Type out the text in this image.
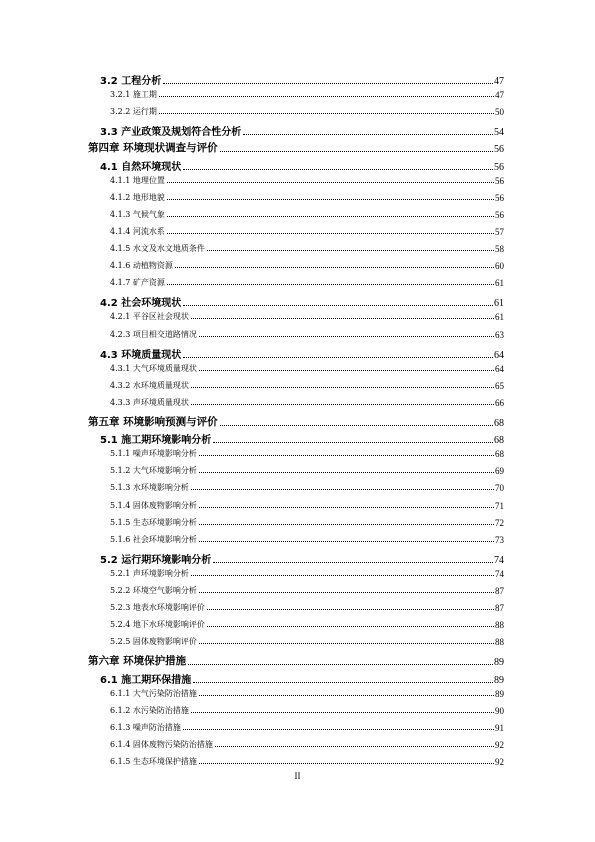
3.2 工程分析	47
3.2.1 施工期	47
3.2.2 运行期	50
3.3 产业政策及规划符合性分析	54
第四章 环境现状调查与评价	56
4.1 自然环境现状	56
4.1.1 地理位置	56
4.1.2 地形地貌	56
4.1.3 气候气象	56
4.1.4 河流水系	57
4.1.5 水文及水文地质条件	58
4.1.6 动植物资源	60
4.1.7 矿产资源	61
4.2 社会环境现状	61
4.2.1 平谷区社会现状	61
4.2.3 项目相交道路情况	63
4.3 环境质量现状	64
4.3.1 大气环境质量现状	64
4.3.2 水环境质量现状	65
4.3.3 声环境质量现状	66
第五章 环境影响预测与评价	68
5.1 施工期环境影响分析	68
5.1.1 噪声环境影响分析	68
5.1.2 大气环境影响分析	69
5.1.3 水环境影响分析	70
5.1.4 固体废物影响分析	71
5.1.5 生态环境影响分析	72
5.1.6 社会环境影响分析	73
5.2 运行期环境影响分析	74
5.2.1 声环境影响分析	74
5.2.2 环境空气影响分析	87
5.2.3 地表水环境影响评价	87
5.2.4 地下水环境影响评价	88
5.2.5 固体废物影响评价	88
第六章 环境保护措施	89
6.1 施工期环保措施	89
6.1.1 大气污染防治措施	89
6.1.2 水污染防治措施	90
6.1.3 噪声防治措施	91
6.1.4 固体废物污染防治措施	92
6.1.5 生态环境保护措施	92
II
